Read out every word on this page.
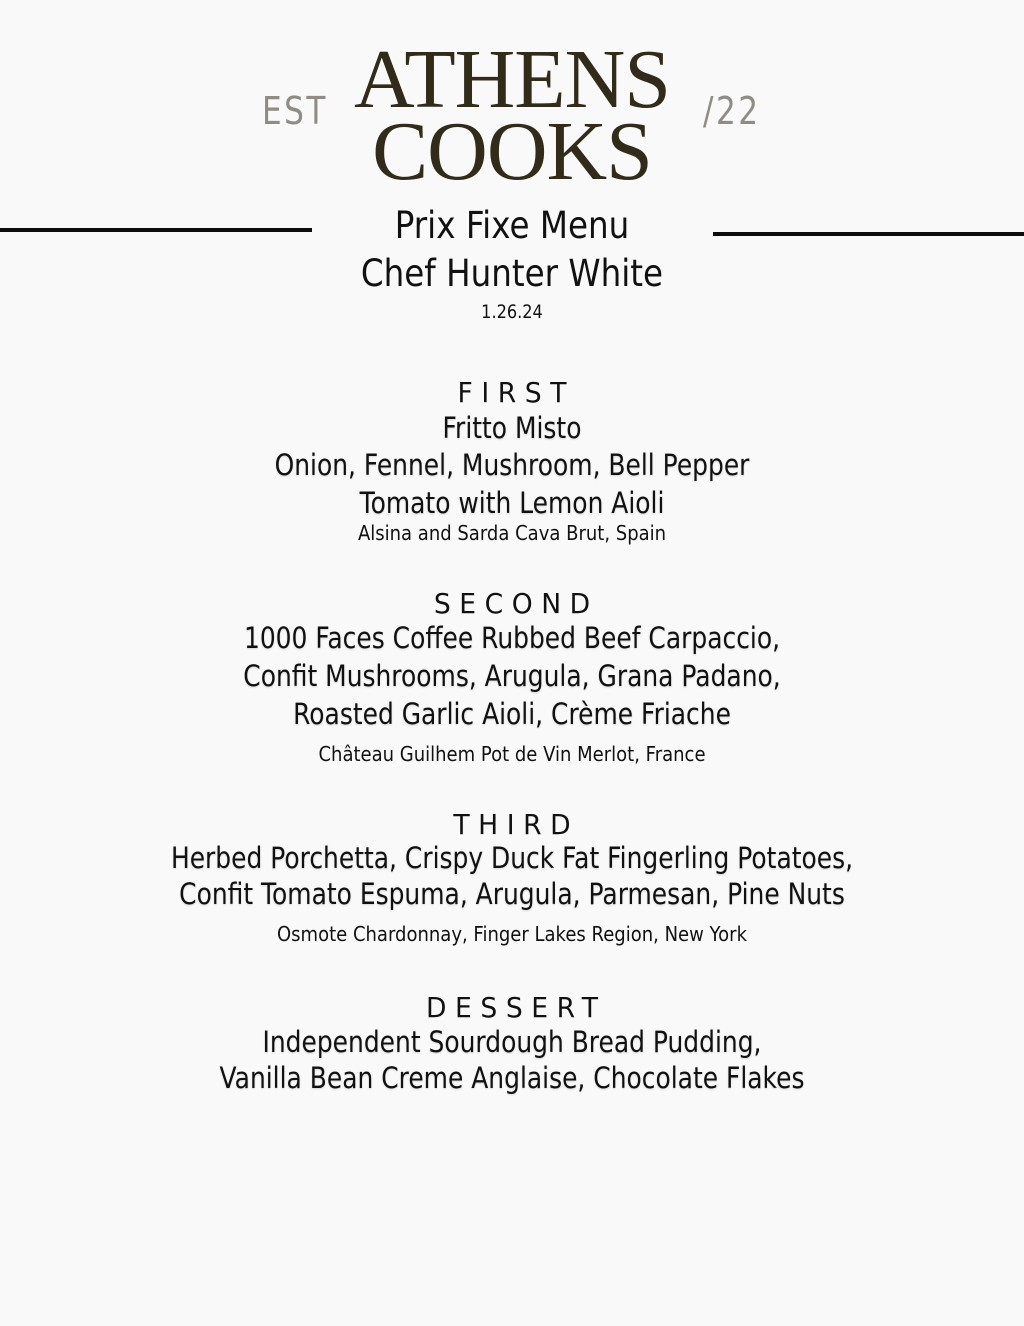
EST ATHENS
COOKS	/22
Prix Fixe Menu
Chef Hunter White
1.26.24
FIRST
Fritto Misto
Onion, Fennel, Mushroom, Bell Pepper
Tomato with Lemon Aioli
Alsina and Sarda Cava Brut, Spain
SECOND
1000 Faces Coffee Rubbed Beef Carpaccio,
Confit Mushrooms, Arugula, Grana Padano,
Roasted Garlic Aioli, Crème Friache
Château Guilhem Pot de Vin Merlot, France
THIRD
Herbed Porchetta, Crispy Duck Fat Fingerling Potatoes,
Confit Tomato Espuma, Arugula, Parmesan, Pine Nuts
Osmote Chardonnay, Finger Lakes Region, New York
DESSERT
Independent Sourdough Bread Pudding,
Vanilla Bean Creme Anglaise, Chocolate Flakes
